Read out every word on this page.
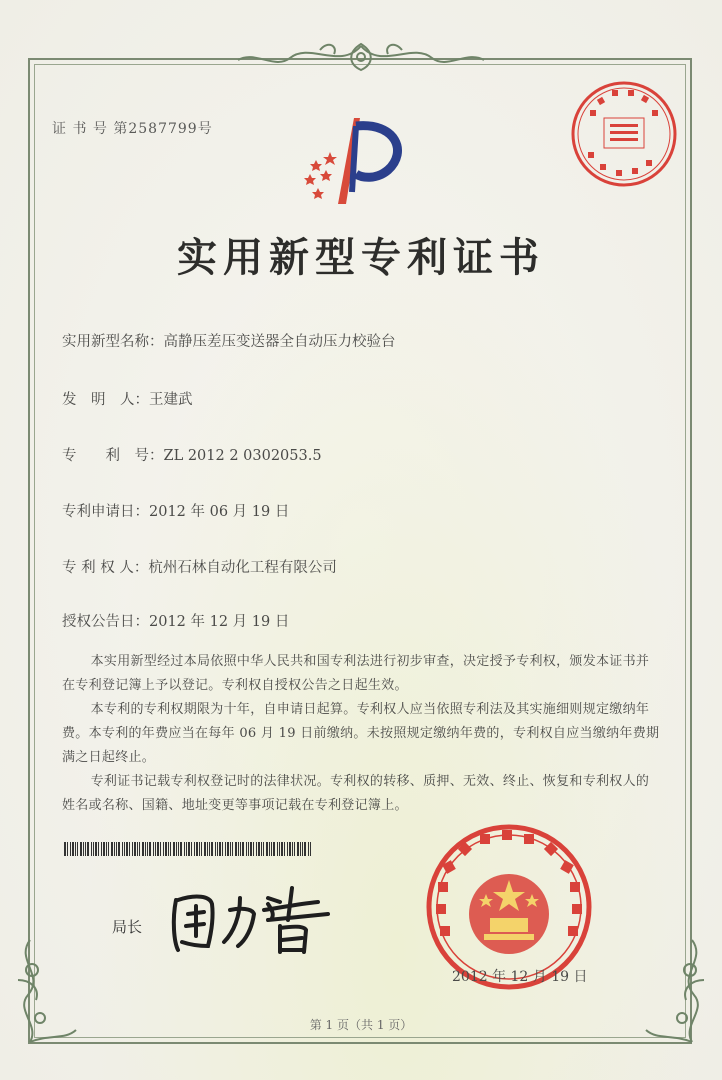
证 书 号 第2587799号
实用新型专利证书
实用新型名称：高静压差压变送器全自动压力校验台
发　明　人：王建武
专　　利　号：ZL 2012 2 0302053.5
专利申请日：2012 年 06 月 19 日
专 利 权 人：杭州石林自动化工程有限公司
授权公告日：2012 年 12 月 19 日

本实用新型经过本局依照中华人民共和国专利法进行初步审查，决定授予专利权，颁发本证书并在专利登记簿上予以登记。专利权自授权公告之日起生效。

本专利的专利权期限为十年，自申请日起算。专利权人应当依照专利法及其实施细则规定缴纳年费。本专利的年费应当在每年 06 月 19 日前缴纳。未按照规定缴纳年费的，专利权自应当缴纳年费期满之日起终止。

专利证书记载专利权登记时的法律状况。专利权的转移、质押、无效、终止、恢复和专利权人的姓名或名称、国籍、地址变更等事项记载在专利登记簿上。

局长
2012 年 12 月 19 日
第 1 页（共 1 页）
